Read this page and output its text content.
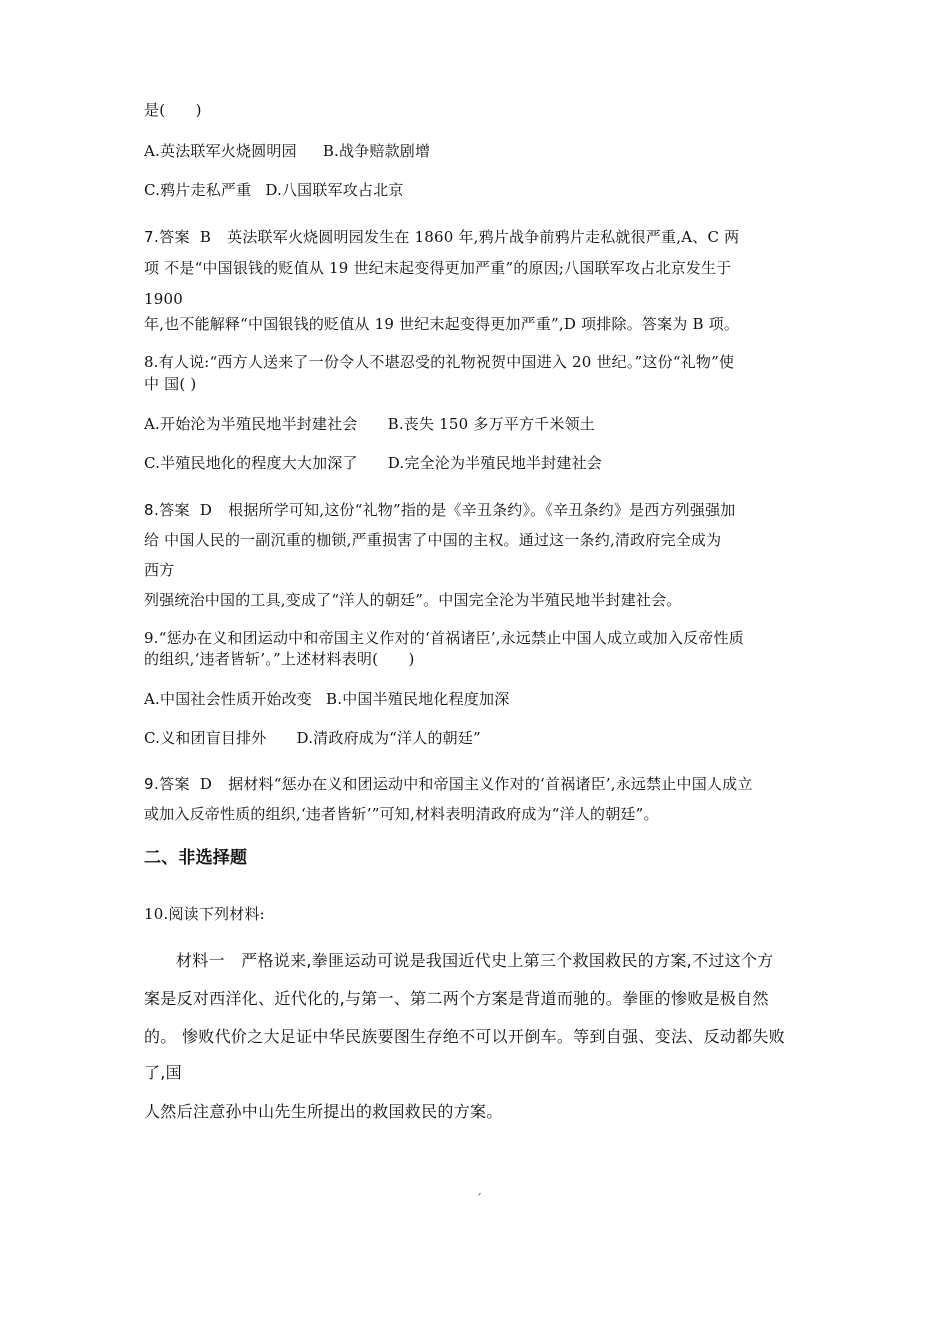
是(　　)

A.英法联军火烧圆明园 B.战争赔款剧增

C.鸦片走私严重 D.八国联军攻占北京

7.答案 B 英法联军火烧圆明园发生在 1860 年,鸦片战争前鸦片走私就很严重,A、C 两

项 不是“中国银钱的贬值从 19 世纪末起变得更加严重”的原因;八国联军攻占北京发生于

1900

年,也不能解释“中国银钱的贬值从 19 世纪末起变得更加严重”,D 项排除。答案为 B 项。

8.有人说:“西方人送来了一份令人不堪忍受的礼物祝贺中国进入 20 世纪。”这份“礼物”使

中 国( )

A.开始沦为半殖民地半封建社会 B.丧失 150 多万平方千米领土

C.半殖民地化的程度大大加深了 D.完全沦为半殖民地半封建社会

8.答案 D 根据所学可知,这份“礼物”指的是《辛丑条约》。《辛丑条约》是西方列强强加

给 中国人民的一副沉重的枷锁,严重损害了中国的主权。通过这一条约,清政府完全成为

西方

列强统治中国的工具,变成了“洋人的朝廷”。中国完全沦为半殖民地半封建社会。

9.“惩办在义和团运动中和帝国主义作对的‘首祸诸臣’,永远禁止中国人成立或加入反帝性质

的组织,‘违者皆斩’。”上述材料表明(　　)

A.中国社会性质开始改变 B.中国半殖民地化程度加深

C.义和团盲目排外 D.清政府成为“洋人的朝廷”

9.答案 D 据材料“惩办在义和团运动中和帝国主义作对的‘首祸诸臣’,永远禁止中国人成立

或加入反帝性质的组织,‘违者皆斩’”可知,材料表明清政府成为“洋人的朝廷”。

二、非选择题

10.阅读下列材料:

材料一　严格说来,拳匪运动可说是我国近代史上第三个救国救民的方案,不过这个方

案是反对西洋化、近代化的,与第一、第二两个方案是背道而驰的。拳匪的惨败是极自然

的。 惨败代价之大足证中华民族要图生存绝不可以开倒车。等到自强、变法、反动都失败

了,国

人然后注意孙中山先生所提出的救国救民的方案。

´
